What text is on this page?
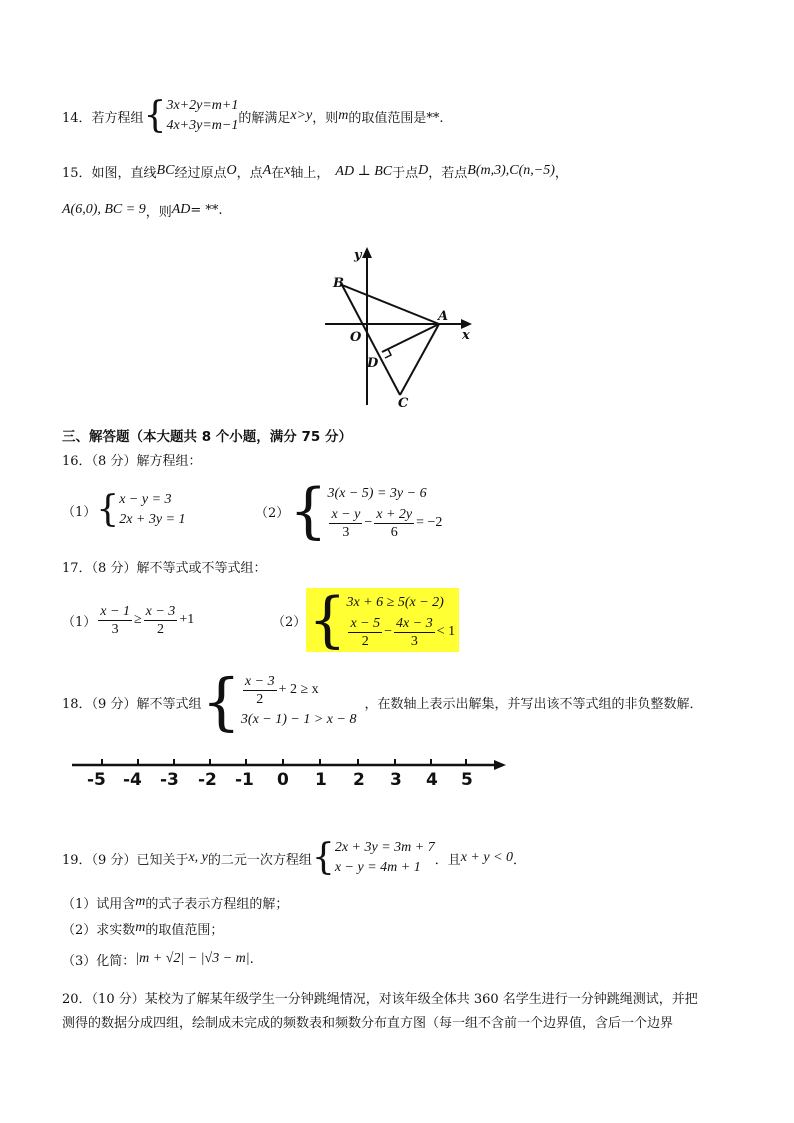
14．若方程组 { 3x+2y=m+1
4x+3y=m−1 的解满足 x>y ，则 m 的取值范围是**.
15．如图，直线 BC 经过原点 O ，点 A 在 x 轴上， AD ⊥ BC 于点 D ，若点 B(m,3),C(n,−5) ，
A(6,0), BC = 9 ，则 AD = **.
y
x
O
A
B
C
D
三、解答题（本大题共 8 个小题，满分 75 分）
16．（8 分）解方程组：
（1） { x − y = 3
2x + 3y = 1	（2） { 3(x − 5) = 3y − 6
$\frac{x - y}{3} - \frac{x + 2y}{6} = -2$
17．（8 分）解不等式或不等式组：
$(1) \frac{x - 1}{3} \ge \frac{x - 3}{2} +1$	（2） { 3x + 6 ≥ 5(x − 2)
$\frac{x - 5}{2} - \frac{4x - 3}{3} < 1$
18．（9 分）解不等式组 { $\frac{x - 3}{2} + 2 \ge x$
3(x − 1) − 1 > x − 8
，在数轴上表示出解集，并写出该不等式组的非负整数解．
-5 -4 -3 -2 -1 0 1 2 3 4 5
19．（9 分）已知关于 x, y 的二元一次方程组 { 2x + 3y = 3m + 7
x − y = 4m + 1	．且 x + y < 0 ．
（1）试用含 m 的式子表示方程组的解；
（2）求实数 m 的取值范围；
（3）化简： |m + √2| − |√3 − m| .
20．（10 分）某校为了解某年级学生一分钟跳绳情况，对该年级全体共 360 名学生进行一分钟跳绳测试，并把
测得的数据分成四组，绘制成未完成的频数表和频数分布直方图（每一组不含前一个边界值，含后一个边界
